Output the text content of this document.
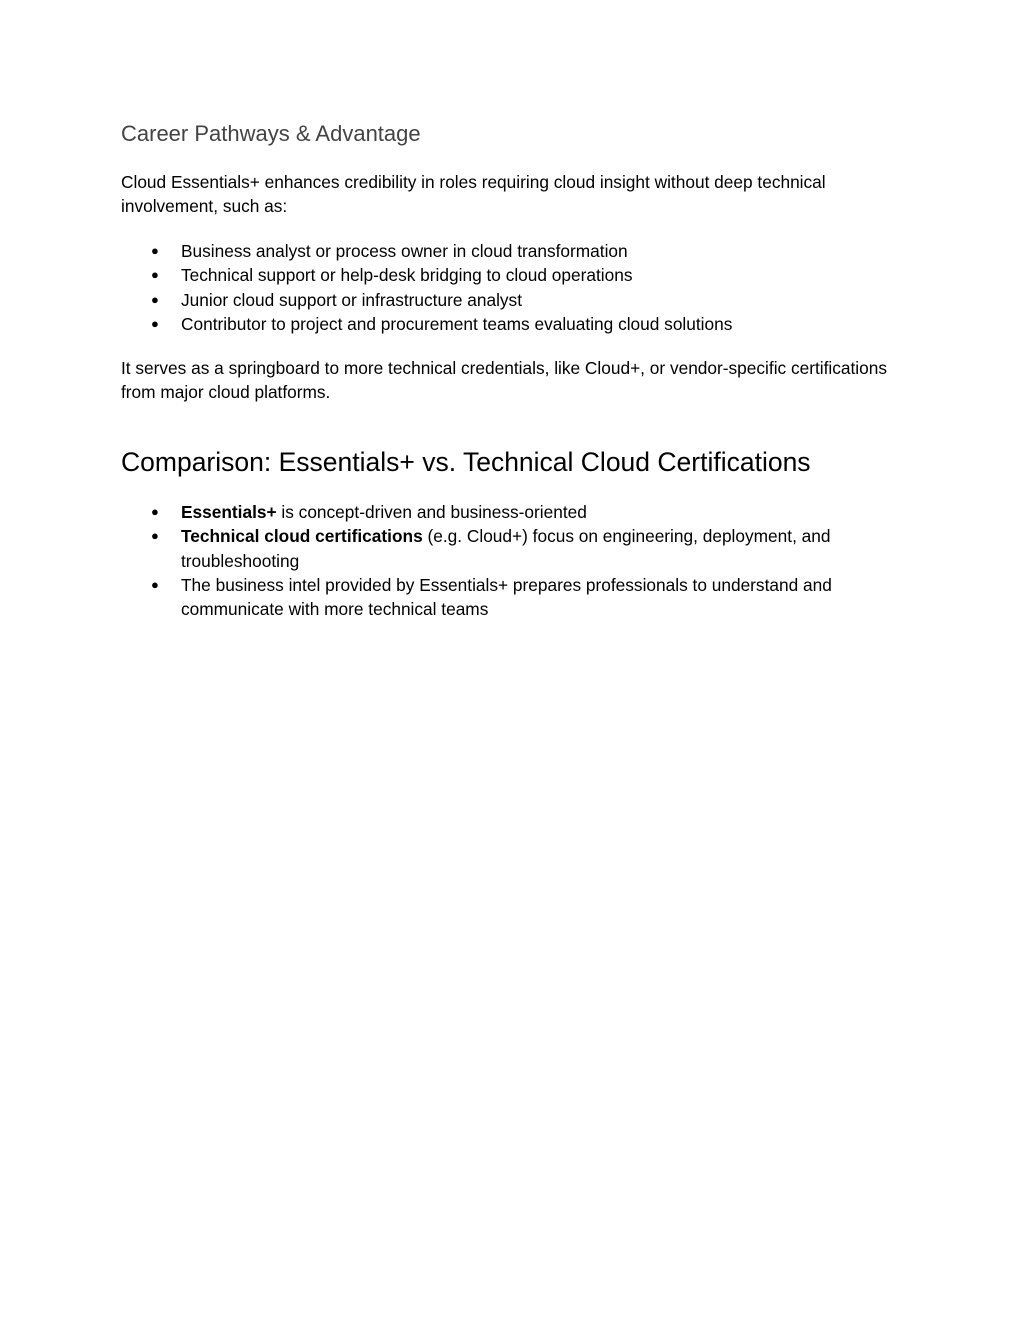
Career Pathways & Advantage

Cloud Essentials+ enhances credibility in roles requiring cloud insight without deep technical involvement, such as:

● Business analyst or process owner in cloud transformation
● Technical support or help-desk bridging to cloud operations
● Junior cloud support or infrastructure analyst
● Contributor to project and procurement teams evaluating cloud solutions

It serves as a springboard to more technical credentials, like Cloud+, or vendor-specific certifications from major cloud platforms.

Comparison: Essentials+ vs. Technical Cloud Certifications
● Essentials+ is concept-driven and business-oriented
● Technical cloud certifications (e.g. Cloud+) focus on engineering, deployment, and troubleshooting
● The business intel provided by Essentials+ prepares professionals to understand and communicate with more technical teams
